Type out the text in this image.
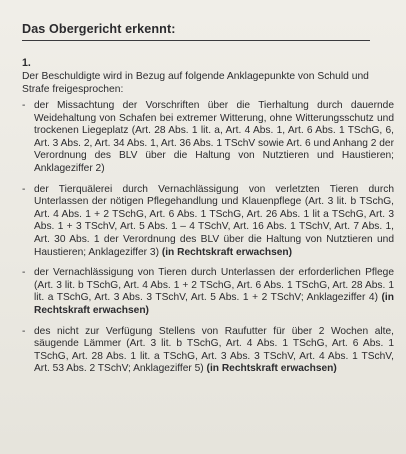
Das Obergericht erkennt:
1.
Der Beschuldigte wird in Bezug auf folgende Anklagepunkte von Schuld und Strafe freigesprochen:
- der Missachtung der Vorschriften über die Tierhaltung durch dauernde Weidehaltung von Schafen bei extremer Witterung, ohne Witterungsschutz und trockenen Liegeplatz (Art. 28 Abs. 1 lit. a, Art. 4 Abs. 1, Art. 6 Abs. 1 TSchG, 6, Art. 3 Abs. 2, Art. 34 Abs. 1, Art. 36 Abs. 1 TSchV sowie Art. 6 und Anhang 2 der Verordnung des BLV über die Haltung von Nutztieren und Haustieren; Anklageziffer 2)
- der Tierquälerei durch Vernachlässigung von verletzten Tieren durch Unterlassen der nötigen Pflegehandlung und Klauenpflege (Art. 3 lit. b TSchG, Art. 4 Abs. 1 + 2 TSchG, Art. 6 Abs. 1 TSchG, Art. 26 Abs. 1 lit a TSchG, Art. 3 Abs. 1 + 3 TSchV, Art. 5 Abs. 1 – 4 TSchV, Art. 16 Abs. 1 TSchV, Art. 7 Abs. 1, Art. 30 Abs. 1 der Verordnung des BLV über die Haltung von Nutztieren und Haustieren; Anklageziffer 3) (in Rechtskraft erwachsen)
- der Vernachlässigung von Tieren durch Unterlassen der erforderlichen Pflege (Art. 3 lit. b TSchG, Art. 4 Abs. 1 + 2 TSchG, Art. 6 Abs. 1 TSchG, Art. 28 Abs. 1 lit. a TSchG, Art. 3 Abs. 3 TSchV, Art. 5 Abs. 1 + 2 TSchV; Anklageziffer 4) (in Rechtskraft erwachsen)
- des nicht zur Verfügung Stellens von Raufutter für über 2 Wochen alte, säugende Lämmer (Art. 3 lit. b TSchG, Art. 4 Abs. 1 TSchG, Art. 6 Abs. 1 TSchG, Art. 28 Abs. 1 lit. a TSchG, Art. 3 Abs. 3 TSchV, Art. 4 Abs. 1 TSchV, Art. 53 Abs. 2 TSchV; Anklageziffer 5) (in Rechtskraft erwachsen)
